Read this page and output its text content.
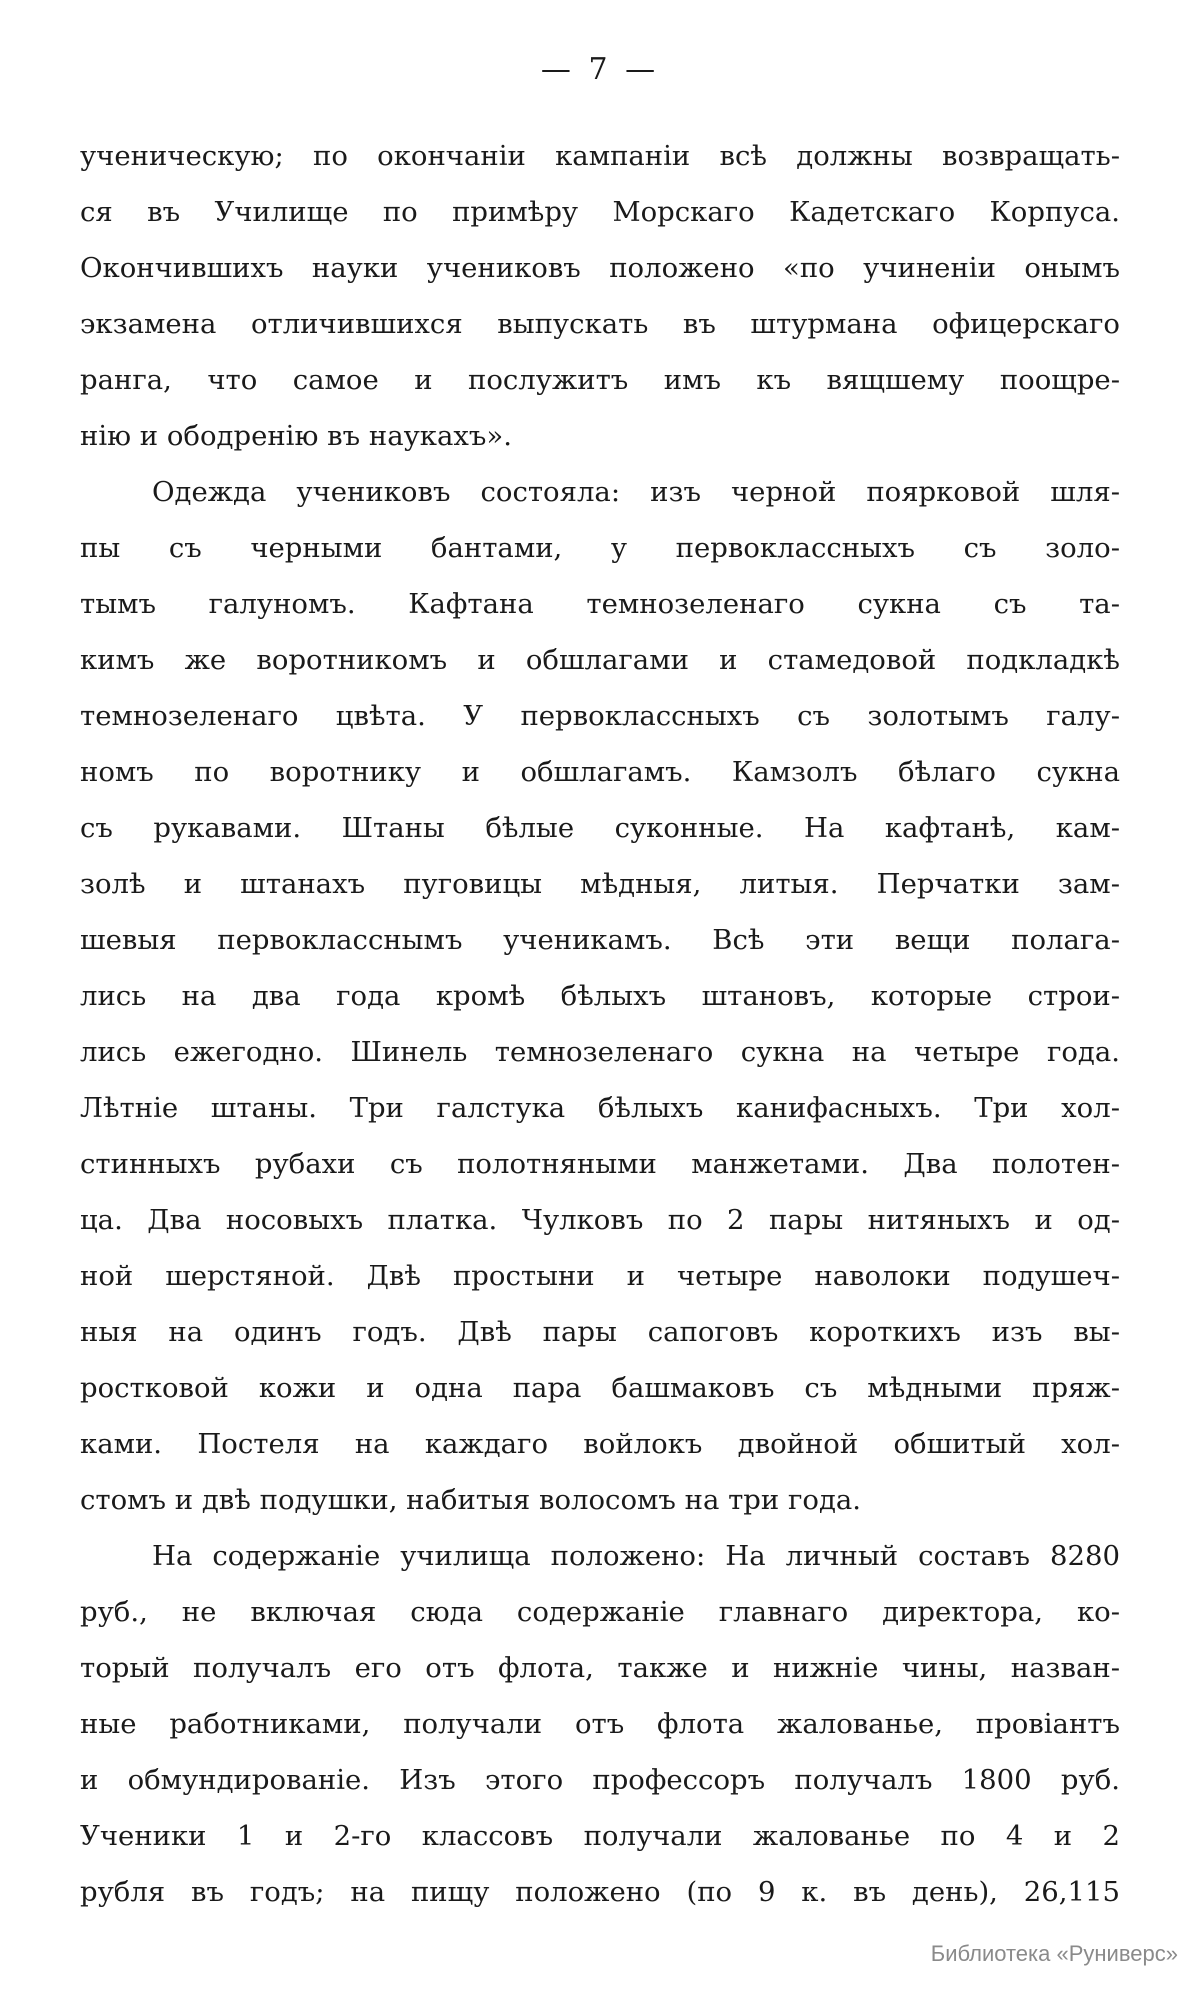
— 7 —
ученическую; по окончаніи кампаніи всѣ должны возвращать-
ся въ Училище по примѣру Морскаго Кадетскаго Корпуса.
Окончившихъ науки учениковъ положено «по учиненіи онымъ
экзамена отличившихся выпускать въ штурмана офицерскаго
ранга, что самое и послужитъ имъ къ вящшему поощре-
нію и ободренію въ наукахъ».
Одежда учениковъ состояла: изъ черной поярковой шля-
пы съ черными бантами, у первоклассныхъ съ золо-
тымъ галуномъ. Кафтана темнозеленаго сукна съ та-
кимъ же воротникомъ и обшлагами и стамедовой подкладкѣ
темнозеленаго цвѣта. У первоклассныхъ съ золотымъ галу-
номъ по воротнику и обшлагамъ. Камзолъ бѣлаго сукна
съ рукавами. Штаны бѣлые суконные. На кафтанѣ, кам-
золѣ и штанахъ пуговицы мѣдныя, литыя. Перчатки зам-
шевыя первокласснымъ ученикамъ. Всѣ эти вещи полага-
лись на два года кромѣ бѣлыхъ штановъ, которые строи-
лись ежегодно. Шинель темнозеленаго сукна на четыре года.
Лѣтніе штаны. Три галстука бѣлыхъ канифасныхъ. Три хол-
стинныхъ рубахи съ полотняными манжетами. Два полотен-
ца. Два носовыхъ платка. Чулковъ по 2 пары нитяныхъ и од-
ной шерстяной. Двѣ простыни и четыре наволоки подушеч-
ныя на одинъ годъ. Двѣ пары сапоговъ короткихъ изъ вы-
ростковой кожи и одна пара башмаковъ съ мѣдными пряж-
ками. Постеля на каждаго войлокъ двойной обшитый хол-
стомъ и двѣ подушки, набитыя волосомъ на три года.
На содержаніе училища положено: На личный составъ 8280
руб., не включая сюда содержаніе главнаго директора, ко-
торый получалъ его отъ флота, также и нижніе чины, назван-
ные работниками, получали отъ флота жалованье, провіантъ
и обмундированіе. Изъ этого профессоръ получалъ 1800 руб.
Ученики 1 и 2-го классовъ получали жалованье по 4 и 2
рубля въ годъ; на пищу положено (по 9 к. въ день), 26,115
Библиотека «Руниверс»
